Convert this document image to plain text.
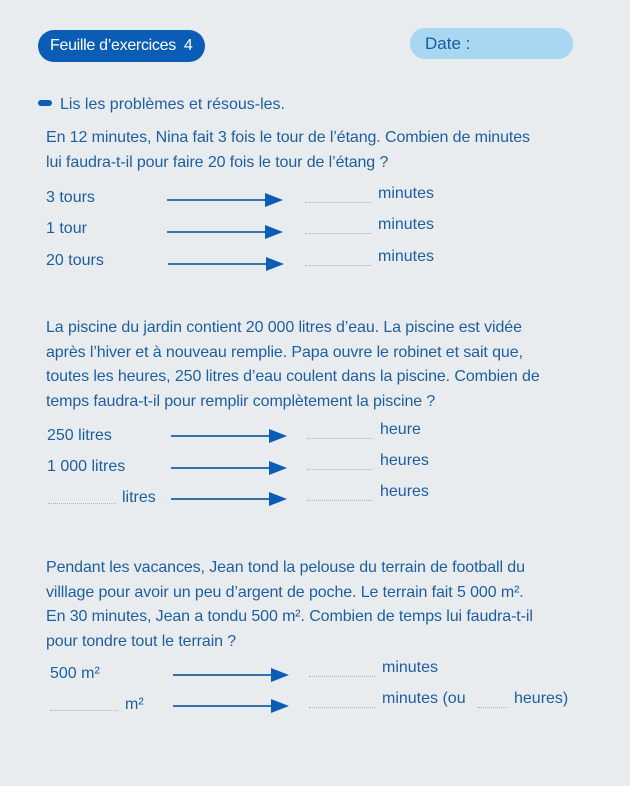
Feuille d’exercices 4	Date :
Lis les problèmes et résous-les.
En 12 minutes, Nina fait 3 fois le tour de l’étang. Combien de minutes
lui faudra-t-il pour faire 20 fois le tour de l’étang ?
3 tours	minutes
1 tour	minutes
20 tours	minutes
La piscine du jardin contient 20 000 litres d’eau. La piscine est vidée
après l’hiver et à nouveau remplie. Papa ouvre le robinet et sait que,
toutes les heures, 250 litres d’eau coulent dans la piscine. Combien de
temps faudra-t-il pour remplir complètement la piscine ?
250 litres	heure
1 000 litres	heures
litres	heures
Pendant les vacances, Jean tond la pelouse du terrain de football du
villlage pour avoir un peu d’argent de poche. Le terrain fait 5 000 m².
En 30 minutes, Jean a tondu 500 m². Combien de temps lui faudra-t-il
pour tondre tout le terrain ?
500 m²	minutes
m²	minutes (ou	heures)
